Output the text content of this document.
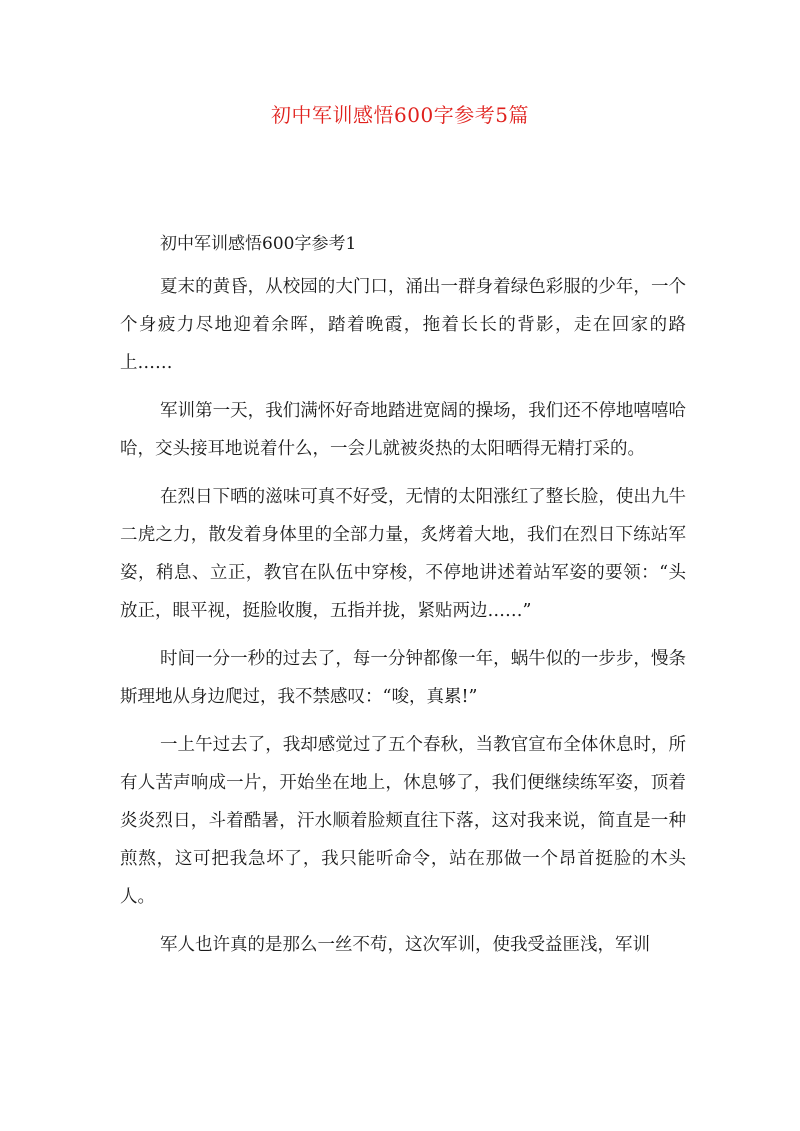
初中军训感悟600字参考5篇
初中军训感悟600字参考1

夏末的黄昏，从校园的大门口，涌出一群身着绿色彩服的少年，一个个身疲力尽地迎着余晖，踏着晚霞，拖着长长的背影，走在回家的路上……

军训第一天，我们满怀好奇地踏进宽阔的操场，我们还不停地嘻嘻哈哈，交头接耳地说着什么，一会儿就被炎热的太阳晒得无精打采的。

在烈日下晒的滋味可真不好受，无情的太阳涨红了整长脸，使出九牛二虎之力，散发着身体里的全部力量，炙烤着大地，我们在烈日下练站军姿，稍息、立正，教官在队伍中穿梭，不停地讲述着站军姿的要领：“头放正，眼平视，挺脸收腹，五指并拢，紧贴两边……”

时间一分一秒的过去了，每一分钟都像一年，蜗牛似的一步步，慢条斯理地从身边爬过，我不禁感叹：“唆，真累!”

一上午过去了，我却感觉过了五个春秋，当教官宣布全体休息时，所有人苦声响成一片，开始坐在地上，休息够了，我们便继续练军姿，顶着炎炎烈日，斗着酷暑，汗水顺着脸颊直往下落，这对我来说，简直是一种煎熬，这可把我急坏了，我只能听命令，站在那做一个昂首挺脸的木头人。

军人也许真的是那么一丝不苟，这次军训，使我受益匪浅，军训
